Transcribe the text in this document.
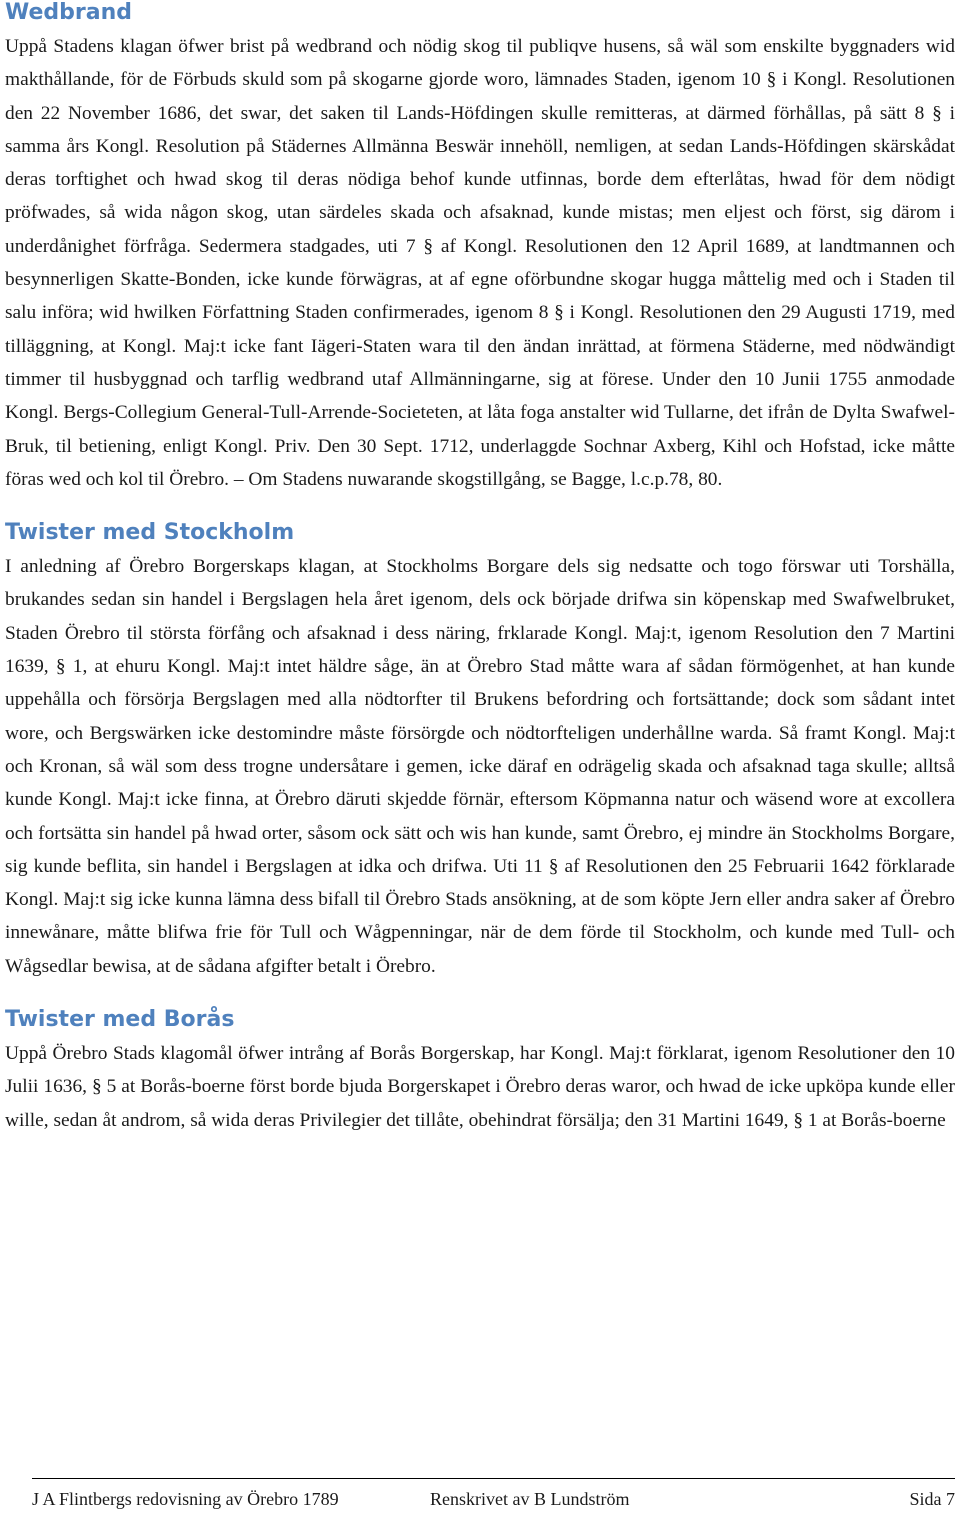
Wedbrand

Uppå Stadens klagan öfwer brist på wedbrand och nödig skog til publiqve husens, så wäl som enskilte byggnaders wid makthållande, för de Förbuds skuld som på skogarne gjorde woro, lämnades Staden, igenom 10 § i Kongl. Resolutionen den 22 November 1686, det swar, det saken til Lands-Höfdingen skulle remitteras, at därmed förhållas, på sätt 8 § i samma års Kongl. Resolution på Städernes Allmänna Beswär innehöll, nemligen, at sedan Lands-Höfdingen skärskådat deras torftighet och hwad skog til deras nödiga behof kunde utfinnas, borde dem efterlåtas, hwad för dem nödigt pröfwades, så wida någon skog, utan särdeles skada och afsaknad, kunde mistas; men eljest och först, sig därom i underdånighet förfråga. Sedermera stadgades, uti 7 § af Kongl. Resolutionen den 12 April 1689, at landtmannen och besynnerligen Skatte-Bonden, icke kunde förwägras, at af egne oförbundne skogar hugga måttelig med och i Staden til salu införa; wid hwilken Författning Staden confirmerades, igenom 8 § i Kongl. Resolutionen den 29 Augusti 1719, med tilläggning, at Kongl. Maj:t icke fant Iägeri-Staten wara til den ändan inrättad, at förmena Städerne, med nödwändigt timmer til husbyggnad och tarflig wedbrand utaf Allmänningarne, sig at förese. Under den 10 Junii 1755 anmodade Kongl. Bergs-Collegium General-Tull-Arrende-Societeten, at låta foga anstalter wid Tullarne, det ifrån de Dylta Swafwel-Bruk, til betiening, enligt Kongl. Priv. Den 30 Sept. 1712, underlaggde Sochnar Axberg, Kihl och Hofstad, icke måtte föras wed och kol til Örebro. – Om Stadens nuwarande skogstillgång, se Bagge, l.c.p.78, 80.

Twister med Stockholm

I anledning af Örebro Borgerskaps klagan, at Stockholms Borgare dels sig nedsatte och togo förswar uti Torshälla, brukandes sedan sin handel i Bergslagen hela året igenom, dels ock började drifwa sin köpenskap med Swafwelbruket, Staden Örebro til största förfång och afsaknad i dess näring, frklarade Kongl. Maj:t, igenom Resolution den 7 Martini 1639, § 1, at ehuru Kongl. Maj:t intet häldre såge, än at Örebro Stad måtte wara af sådan förmögenhet, at han kunde uppehålla och försörja Bergslagen med alla nödtorfter til Brukens befordring och fortsättande; dock som sådant intet wore, och Bergswärken icke destomindre måste försörgde och nödtorfteligen underhållne warda. Så framt Kongl. Maj:t och Kronan, så wäl som dess trogne undersåtare i gemen, icke däraf en odrägelig skada och afsaknad taga skulle; alltså kunde Kongl. Maj:t icke finna, at Örebro däruti skjedde förnär, eftersom Köpmanna natur och wäsend wore at excollera och fortsätta sin handel på hwad orter, såsom ock sätt och wis han kunde, samt Örebro, ej mindre än Stockholms Borgare, sig kunde beflita, sin handel i Bergslagen at idka och drifwa. Uti 11 § af Resolutionen den 25 Februarii 1642 förklarade Kongl. Maj:t sig icke kunna lämna dess bifall til Örebro Stads ansökning, at de som köpte Jern eller andra saker af Örebro innewånare, måtte blifwa frie för Tull och Wågpenningar, när de dem förde til Stockholm, och kunde med Tull- och Wågsedlar bewisa, at de sådana afgifter betalt i Örebro.

Twister med Borås

Uppå Örebro Stads klagomål öfwer intrång af Borås Borgerskap, har Kongl. Maj:t förklarat, igenom Resolutioner den 10 Julii 1636, § 5 at Borås-boerne först borde bjuda Borgerskapet i Örebro deras waror, och hwad de icke upköpa kunde eller wille, sedan åt androm, så wida deras Privilegier det tillåte, obehindrat försälja; den 31 Martini 1649, § 1 at Borås-boerne

J A Flintbergs redovisning av Örebro 1789	Renskrivet av B Lundström	Sida 7
